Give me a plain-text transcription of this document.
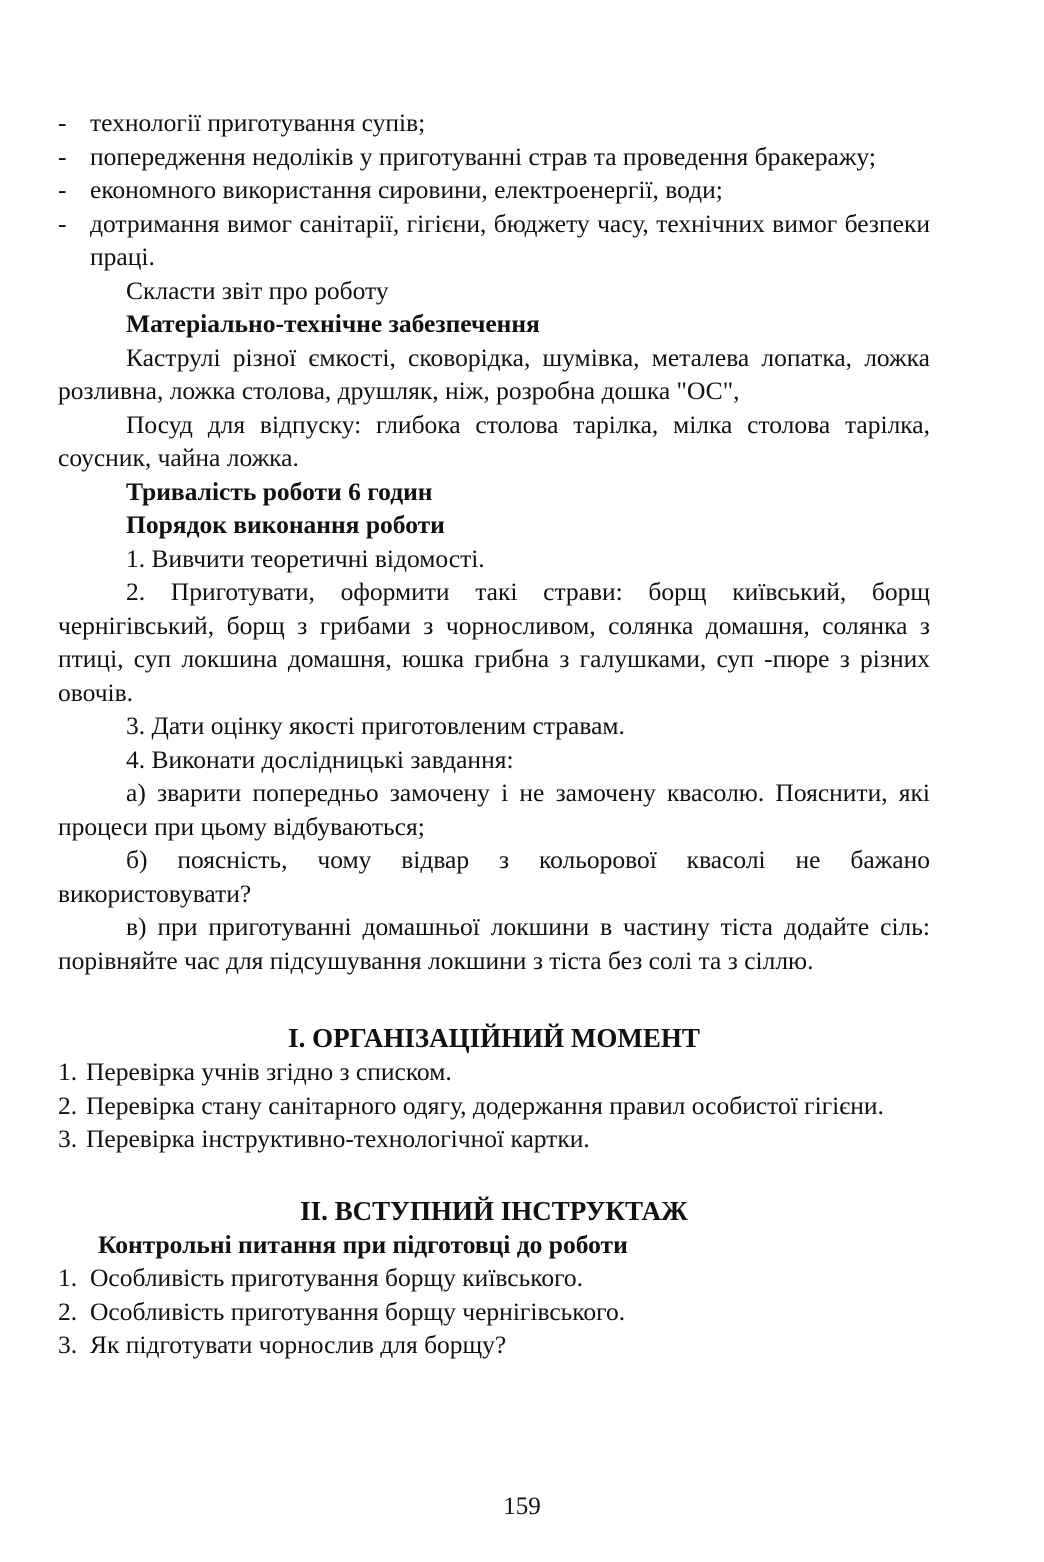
- технології приготування супів;
- попередження недоліків у приготуванні страв та проведення бракеражу;
- економного використання сировини, електроенергії, води;
- дотримання вимог санітарії, гігієни, бюджету часу, технічних вимог безпеки праці.
Скласти звіт про роботу
Матеріально-технічне забезпечення
Каструлі різної ємкості, сковорідка, шумівка, металева лопатка, ложка розливна, ложка столова, друшляк, ніж, розробна дошка "ОС",
Посуд для відпуску: глибока столова тарілка, мілка столова тарілка, соусник, чайна ложка.
Тривалість роботи 6 годин
Порядок виконання роботи
1. Вивчити теоретичні відомості.
2. Приготувати, оформити такі страви: борщ київський, борщ чернігівський, борщ з грибами з чорносливом, солянка домашня, солянка з птиці, суп локшина домашня, юшка грибна з галушками, суп -пюре з різних овочів.
3. Дати оцінку якості приготовленим стравам.
4. Виконати дослідницькі завдання:
а) зварити попередньо замочену і не замочену квасолю. Пояснити, які процеси при цьому відбуваються;
б) поясність, чому відвар з кольорової квасолі не бажано використовувати?
в) при приготуванні домашньої локшини в частину тіста додайте сіль: порівняйте час для підсушування локшини з тіста без солі та з сіллю.
І. ОРГАНІЗАЦІЙНИЙ МОМЕНТ
1. Перевірка учнів згідно з списком.
2. Перевірка стану санітарного одягу, додержання правил особистої гігієни.
3. Перевірка інструктивно-технологічної картки.
ІІ. ВСТУПНИЙ ІНСТРУКТАЖ
Контрольні питання при підготовці до роботи
1. Особливість приготування борщу київського.
2. Особливість приготування борщу чернігівського.
3. Як підготувати чорнослив для борщу?
159
